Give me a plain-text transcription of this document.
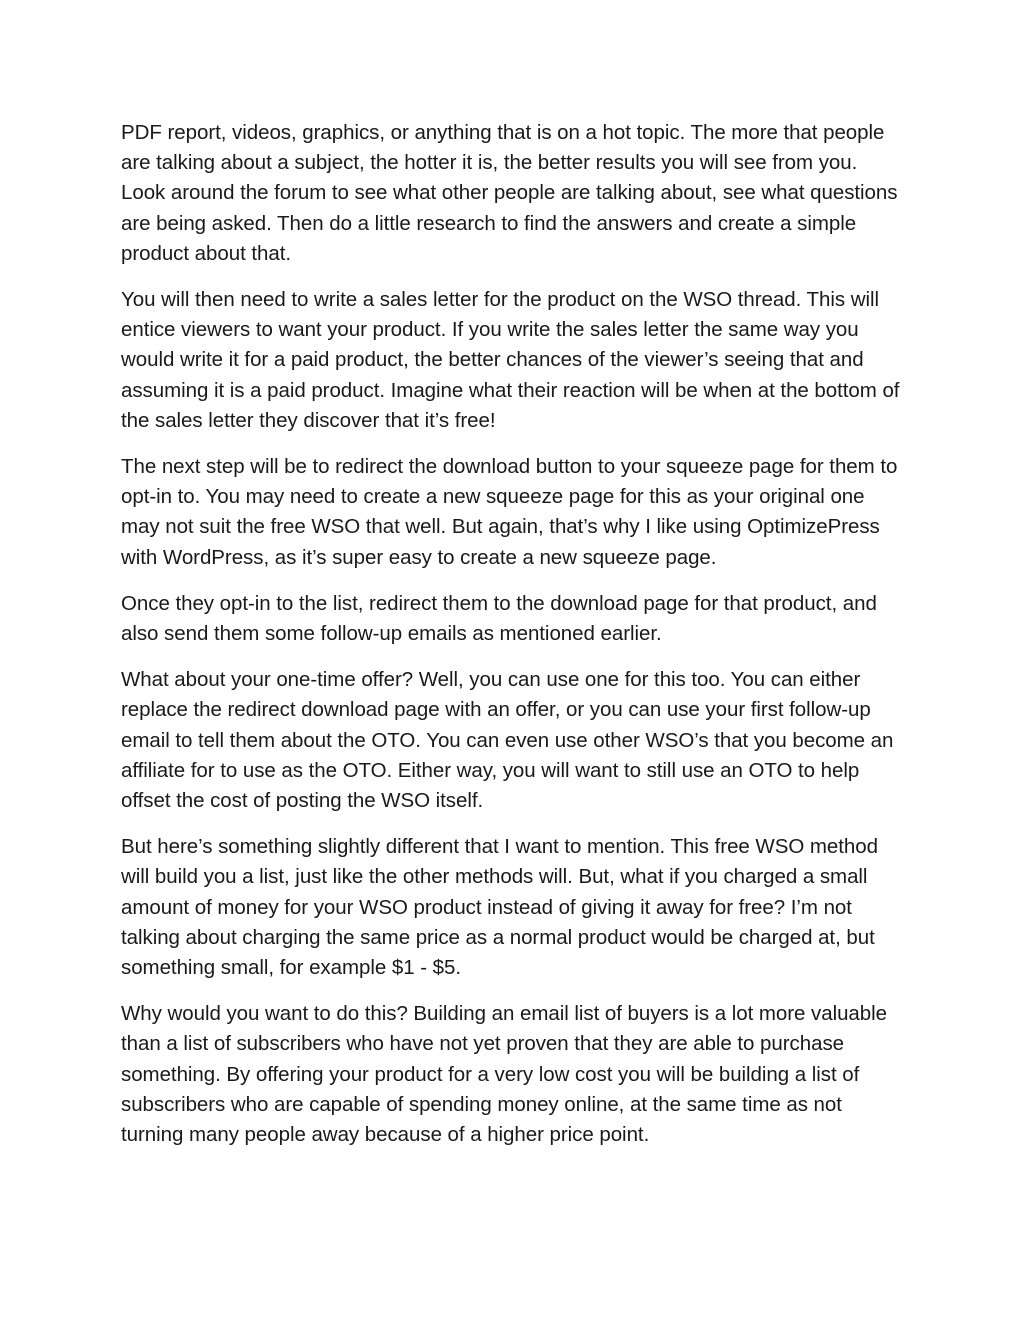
PDF report, videos, graphics, or anything that is on a hot topic. The more that people are talking about a subject, the hotter it is, the better results you will see from you. Look around the forum to see what other people are talking about, see what questions are being asked. Then do a little research to find the answers and create a simple product about that.

You will then need to write a sales letter for the product on the WSO thread. This will entice viewers to want your product. If you write the sales letter the same way you would write it for a paid product, the better chances of the viewer’s seeing that and assuming it is a paid product. Imagine what their reaction will be when at the bottom of the sales letter they discover that it’s free!

The next step will be to redirect the download button to your squeeze page for them to opt-in to. You may need to create a new squeeze page for this as your original one may not suit the free WSO that well. But again, that’s why I like using OptimizePress with WordPress, as it’s super easy to create a new squeeze page.

Once they opt-in to the list, redirect them to the download page for that product, and also send them some follow-up emails as mentioned earlier.

What about your one-time offer? Well, you can use one for this too. You can either replace the redirect download page with an offer, or you can use your first follow-up email to tell them about the OTO. You can even use other WSO’s that you become an affiliate for to use as the OTO. Either way, you will want to still use an OTO to help offset the cost of posting the WSO itself.

But here’s something slightly different that I want to mention. This free WSO method will build you a list, just like the other methods will. But, what if you charged a small amount of money for your WSO product instead of giving it away for free? I’m not talking about charging the same price as a normal product would be charged at, but something small, for example $1 - $5.

Why would you want to do this? Building an email list of buyers is a lot more valuable than a list of subscribers who have not yet proven that they are able to purchase something. By offering your product for a very low cost you will be building a list of subscribers who are capable of spending money online, at the same time as not turning many people away because of a higher price point.
